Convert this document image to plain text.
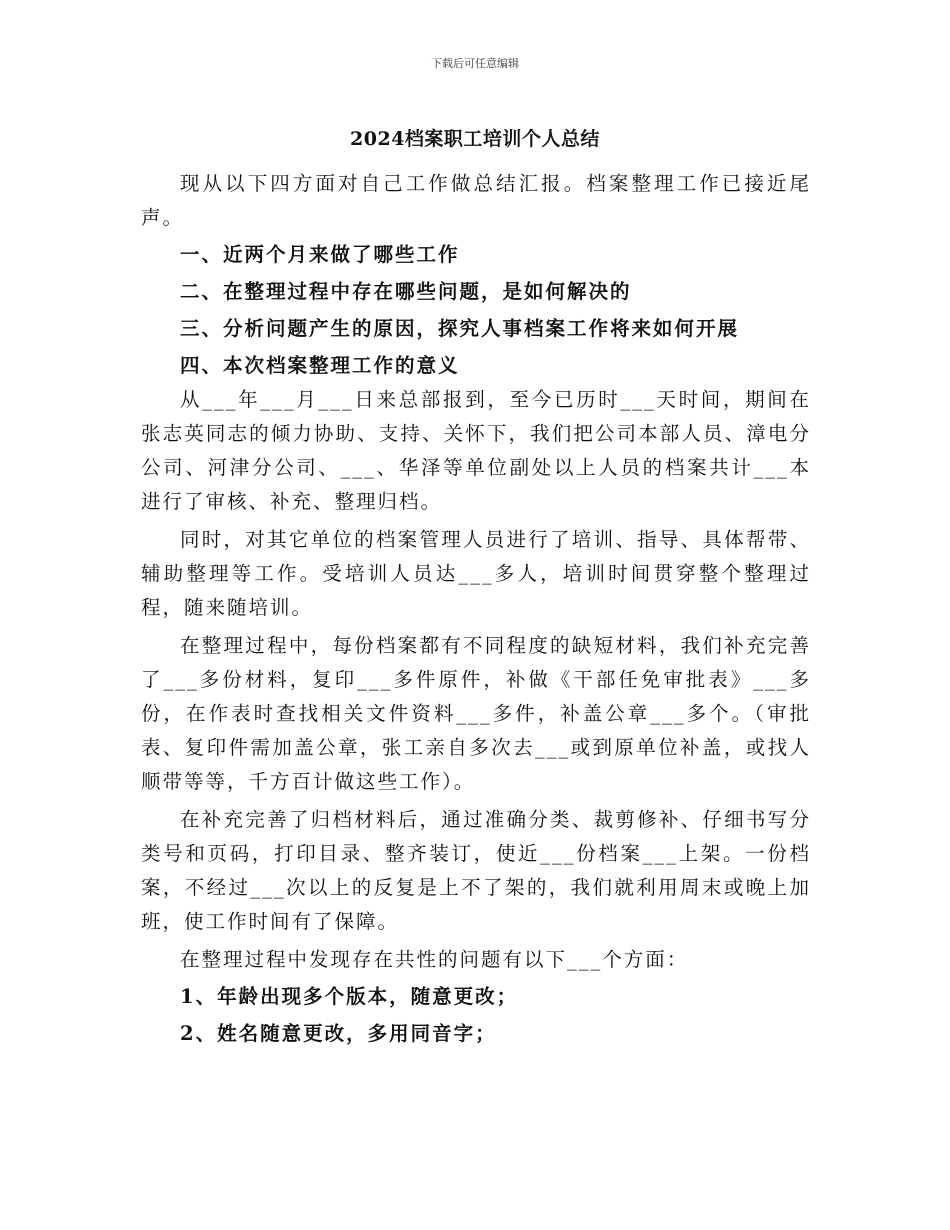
下载后可任意编辑
2024档案职工培训个人总结

现从以下四方面对自己工作做总结汇报。档案整理工作已接近尾声。

一、近两个月来做了哪些工作

二、在整理过程中存在哪些问题，是如何解决的

三、分析问题产生的原因，探究人事档案工作将来如何开展

四、本次档案整理工作的意义

从___年___月___日来总部报到，至今已历时___天时间，期间在张志英同志的倾力协助、支持、关怀下，我们把公司本部人员、漳电分公司、河津分公司、___、华泽等单位副处以上人员的档案共计___本进行了审核、补充、整理归档。

同时，对其它单位的档案管理人员进行了培训、指导、具体帮带、辅助整理等工作。受培训人员达___多人，培训时间贯穿整个整理过程，随来随培训。

在整理过程中，每份档案都有不同程度的缺短材料，我们补充完善了___多份材料，复印___多件原件，补做《干部任免审批表》___多份，在作表时查找相关文件资料___多件，补盖公章___多个。（审批表、复印件需加盖公章，张工亲自多次去___或到原单位补盖，或找人顺带等等，千方百计做这些工作）。

在补充完善了归档材料后，通过准确分类、裁剪修补、仔细书写分类号和页码，打印目录、整齐装订，使近___份档案___上架。一份档案，不经过___次以上的反复是上不了架的，我们就利用周末或晚上加班，使工作时间有了保障。

在整理过程中发现存在共性的问题有以下___个方面：

1、年龄出现多个版本，随意更改；

2、姓名随意更改，多用同音字；
